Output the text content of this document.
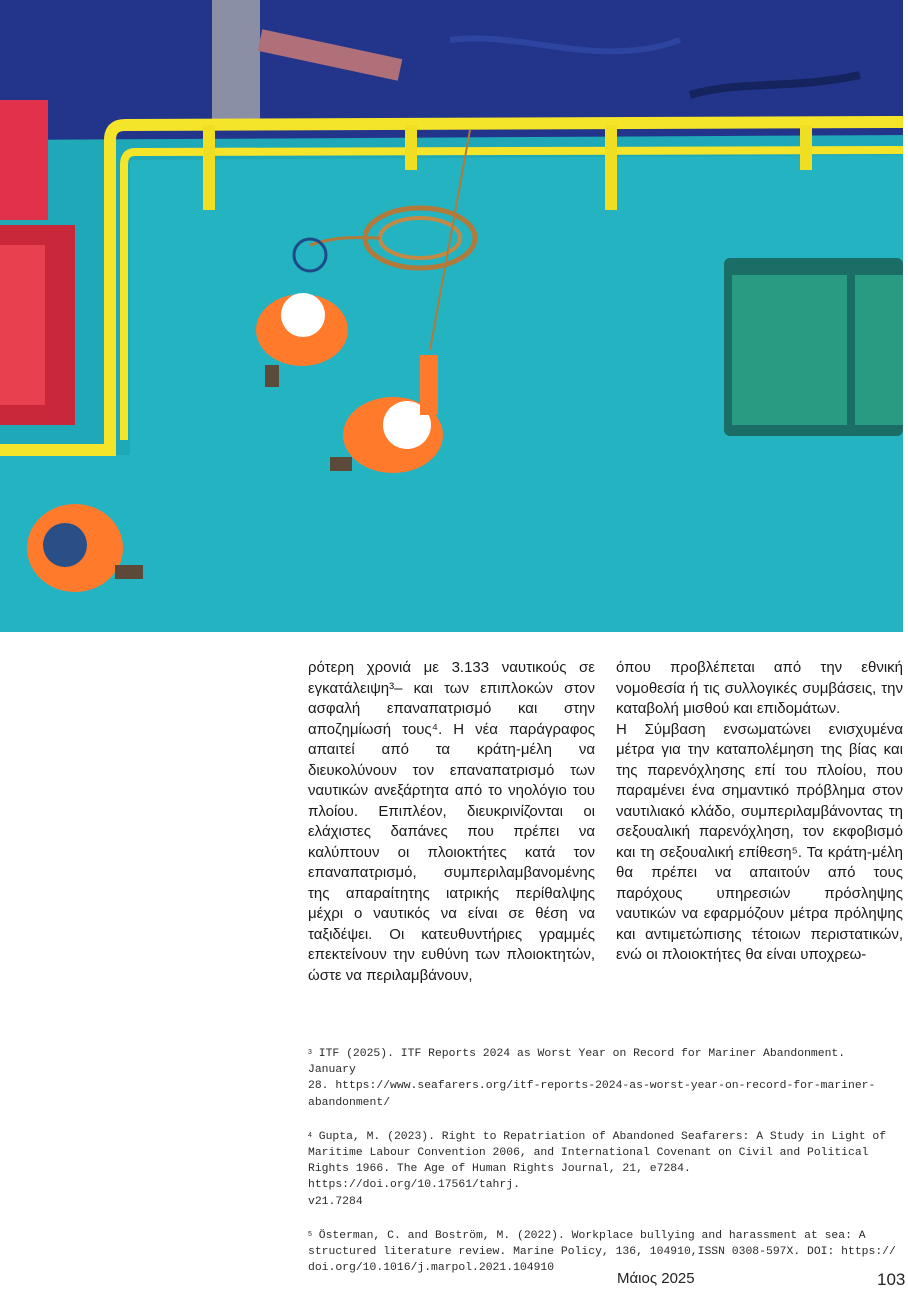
ρότερη χρονιά με 3.133 ναυτικούς σε εγκατάλειψη³– και των επιπλοκών στον ασφαλή επαναπατρισμό και στην αποζημίωσή τους⁴. Η νέα παράγραφος απαιτεί από τα κράτη-μέλη να διευκολύνουν τον επαναπατρισμό των ναυτικών ανεξάρτητα από το νηολόγιο του πλοίου. Επιπλέον, διευκρινίζονται οι ελάχιστες δαπάνες που πρέπει να καλύπτουν οι πλοιοκτήτες κατά τον επαναπατρισμό, συμπεριλαμβανομένης της απαραίτητης ιατρικής περίθαλψης μέχρι ο ναυτικός να είναι σε θέση να ταξιδέψει. Οι κατευθυντήριες γραμμές επεκτείνουν την ευθύνη των πλοιοκτητών, ώστε να περιλαμβάνουν,

όπου προβλέπεται από την εθνική νομοθεσία ή τις συλλογικές συμβάσεις, την καταβολή μισθού και επιδομάτων.

Η Σύμβαση ενσωματώνει ενισχυμένα μέτρα για την καταπολέμηση της βίας και της παρενόχλησης επί του πλοίου, που παραμένει ένα σημαντικό πρόβλημα στον ναυτιλιακό κλάδο, συμπεριλαμβάνοντας τη σεξουαλική παρενόχληση, τον εκφοβισμό και τη σεξουαλική επίθεση⁵. Τα κράτη-μέλη θα πρέπει να απαιτούν από τους παρόχους υπηρεσιών πρόσληψης ναυτικών να εφαρμόζουν μέτρα πρόληψης και αντιμετώπισης τέτοιων περιστατικών, ενώ οι πλοιοκτήτες θα είναι υποχρεω-

$^3$ ITF (2025). ITF Reports 2024 as Worst Year on Record for Mariner Abandonment. January
28. https://www.seafarers.org/itf-reports-2024-as-worst-year-on-record-for-mariner-
abandonment/

$^4$ Gupta, M. (2023). Right to Repatriation of Abandoned Seafarers: A Study in Light of
Maritime Labour Convention 2006, and International Covenant on Civil and Political
Rights 1966. The Age of Human Rights Journal, 21, e7284. https://doi.org/10.17561/tahrj.
v21.7284

$^5$ Österman, C. and Boström, M. (2022). Workplace bullying and harassment at sea: A
structured literature review. Marine Policy, 136, 104910,ISSN 0308-597X. DOI: https://
doi.org/10.1016/j.marpol.2021.104910

Μάιος 2025	103
